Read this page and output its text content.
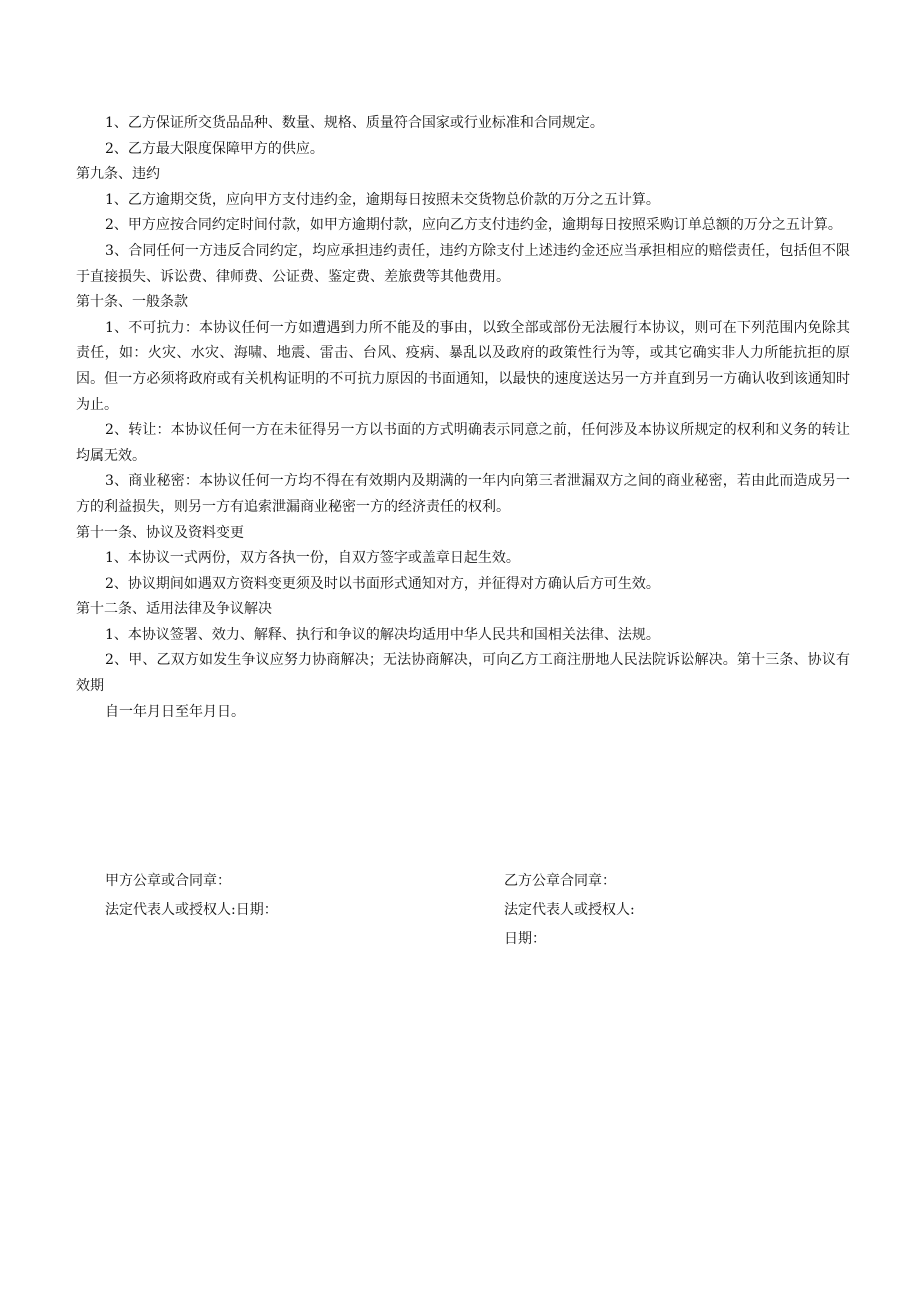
1、乙方保证所交货品品种、数量、规格、质量符合国家或行业标准和合同规定。

2、乙方最大限度保障甲方的供应。

第九条、违约

1、乙方逾期交货，应向甲方支付违约金，逾期每日按照未交货物总价款的万分之五计算。

2、甲方应按合同约定时间付款，如甲方逾期付款，应向乙方支付违约金，逾期每日按照采购订单总额的万分之五计算。

3、合同任何一方违反合同约定，均应承担违约责任，违约方除支付上述违约金还应当承担相应的赔偿责任，包括但不限于直接损失、诉讼费、律师费、公证费、鉴定费、差旅费等其他费用。

第十条、一般条款

1、不可抗力：本协议任何一方如遭遇到力所不能及的事由，以致全部或部份无法履行本协议，则可在下列范围内免除其责任，如：火灾、水灾、海啸、地震、雷击、台风、疫病、暴乱以及政府的政策性行为等，或其它确实非人力所能抗拒的原因。但一方必须将政府或有关机构证明的不可抗力原因的书面通知，以最快的速度送达另一方并直到另一方确认收到该通知时为止。

2、转让：本协议任何一方在未征得另一方以书面的方式明确表示同意之前，任何涉及本协议所规定的权利和义务的转让均属无效。

3、商业秘密：本协议任何一方均不得在有效期内及期满的一年内向第三者泄漏双方之间的商业秘密，若由此而造成另一方的利益损失，则另一方有追索泄漏商业秘密一方的经济责任的权利。

第十一条、协议及资料变更

1、本协议一式两份，双方各执一份，自双方签字或盖章日起生效。

2、协议期间如遇双方资料变更须及时以书面形式通知对方，并征得对方确认后方可生效。

第十二条、适用法律及争议解决

1、本协议签署、效力、解释、执行和争议的解决均适用中华人民共和国相关法律、法规。

2、甲、乙双方如发生争议应努力协商解决；无法协商解决，可向乙方工商注册地人民法院诉讼解决。第十三条、协议有效期

自一年月日至年月日。

甲方公章或合同章：

法定代表人或授权人:日期：

乙方公章合同章：

法定代表人或授权人:

日期：
